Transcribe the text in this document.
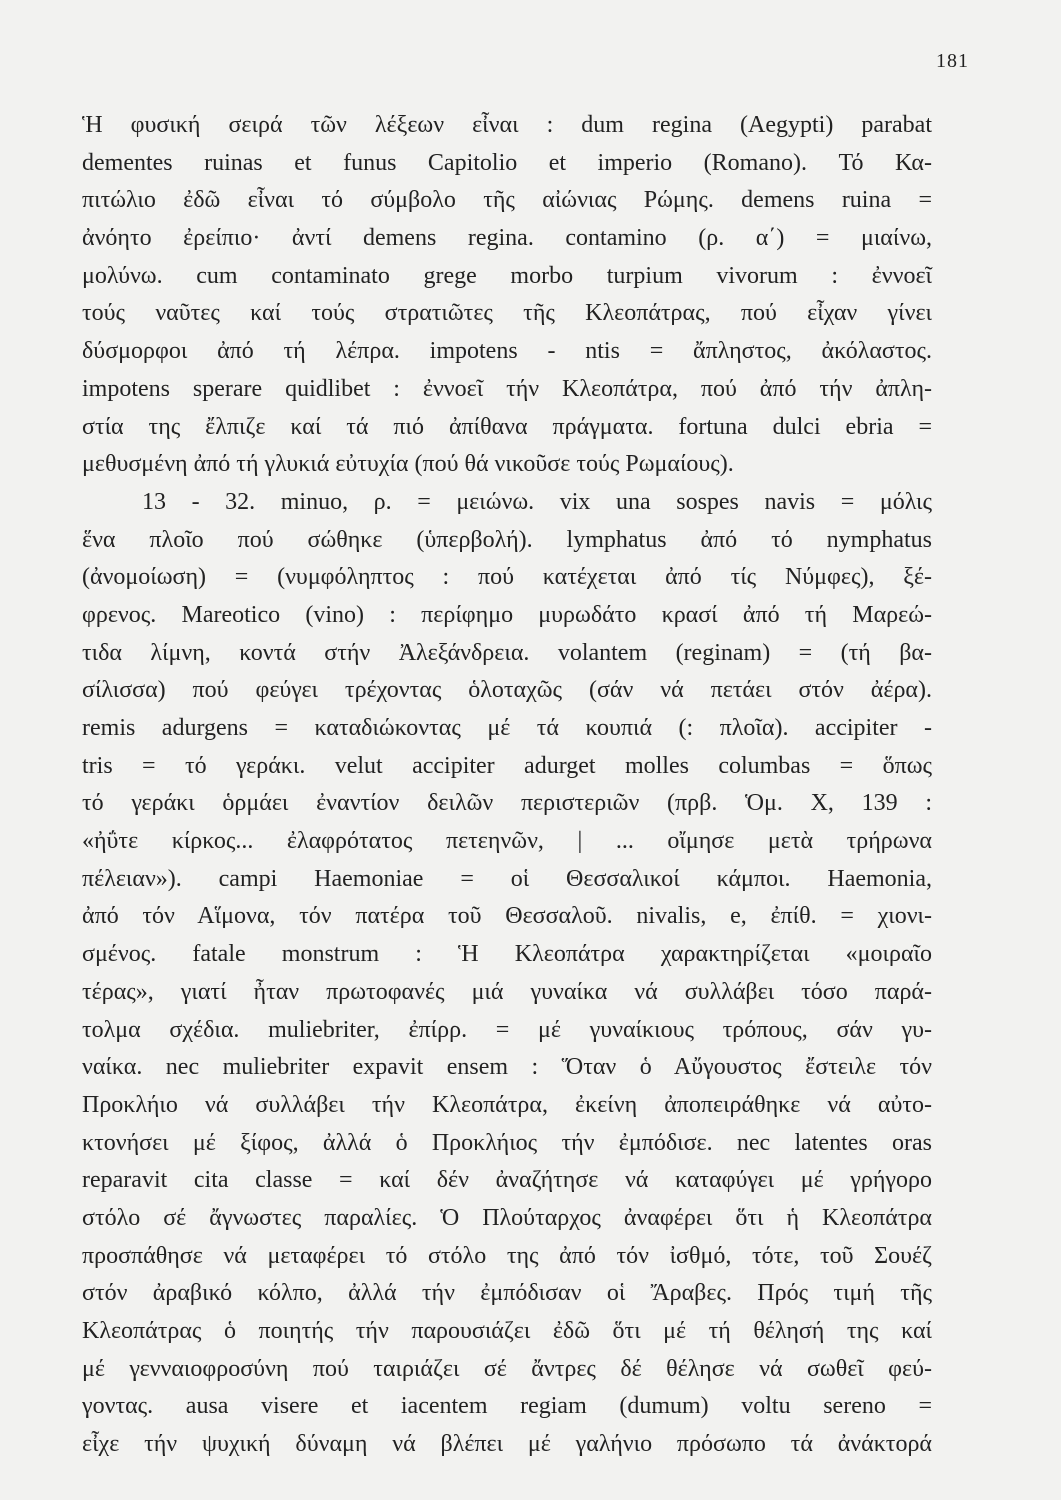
181
Ἡ φυσική σειρά τῶν λέξεων εἶναι : dum regina (Aegypti) parabat
dementes ruinas et funus Capitolio et imperio (Romano). Τό Κα-
πιτώλιο ἐδῶ εἶναι τό σύμβολο τῆς αἰώνιας Ρώμης. demens ruina =
ἀνόητο ἐρείπιο· ἀντί demens regina. contamino (ρ. α΄) = μιαίνω,
μολύνω. cum contaminato grege morbo turpium vivorum : ἐννοεῖ
τούς ναῦτες καί τούς στρατιῶτες τῆς Κλεοπάτρας, πού εἶχαν γίνει
δύσμορφοι ἀπό τή λέπρα. impotens - ntis = ἄπληστος, ἀκόλαστος.
impotens sperare quidlibet : ἐννοεῖ τήν Κλεοπάτρα, πού ἀπό τήν ἀπλη-
στία της ἔλπιζε καί τά πιό ἀπίθανα πράγματα. fortuna dulci ebria =
μεθυσμένη ἀπό τή γλυκιά εὐτυχία (πού θά νικοῦσε τούς Ρωμαίους).
13 - 32. minuo, ρ. = μειώνω. vix una sospes navis = μόλις
ἕνα πλοῖο πού σώθηκε (ὑπερβολή). lymphatus ἀπό τό nymphatus
(ἀνομοίωση) = (νυμφόληπτος : πού κατέχεται ἀπό τίς Νύμφες), ξέ-
φρενος. Mareotico (vino) : περίφημο μυρωδάτο κρασί ἀπό τή Μαρεώ-
τιδα λίμνη, κοντά στήν Ἀλεξάνδρεια. volantem (reginam) = (τή βα-
σίλισσα) πού φεύγει τρέχοντας ὁλοταχῶς (σάν νά πετάει στόν ἀέρα).
remis adurgens = καταδιώκοντας μέ τά κουπιά (: πλοῖα). accipiter -
tris = τό γεράκι. velut accipiter adurget molles columbas = ὅπως
τό γεράκι ὁρμάει ἐναντίον δειλῶν περιστεριῶν (πρβ. Ὁμ. Χ, 139 :
«ἠΰτε κίρκος... ἐλαφρότατος πετεηνῶν, | ... οἴμησε μετὰ τρήρωνα
πέλειαν»). campi Haemoniae = οἱ Θεσσαλικοί κάμποι. Haemonia,
ἀπό τόν Αἵμονα, τόν πατέρα τοῦ Θεσσαλοῦ. nivalis, e, ἐπίθ. = χιονι-
σμένος. fatale monstrum : Ἡ Κλεοπάτρα χαρακτηρίζεται «μοιραῖο
τέρας», γιατί ἦταν πρωτοφανές μιά γυναίκα νά συλλάβει τόσο παρά-
τολμα σχέδια. muliebriter, ἐπίρρ. = μέ γυναίκιους τρόπους, σάν γυ-
ναίκα. nec muliebriter expavit ensem : Ὅταν ὁ Αὔγουστος ἔστειλε τόν
Προκλήιο νά συλλάβει τήν Κλεοπάτρα, ἐκείνη ἀποπειράθηκε νά αὐτο-
κτονήσει μέ ξίφος, ἀλλά ὁ Προκλήιος τήν ἐμπόδισε. nec latentes oras
reparavit cita classe = καί δέν ἀναζήτησε νά καταφύγει μέ γρήγορο
στόλο σέ ἄγνωστες παραλίες. Ὁ Πλούταρχος ἀναφέρει ὅτι ἡ Κλεοπάτρα
προσπάθησε νά μεταφέρει τό στόλο της ἀπό τόν ἰσθμό, τότε, τοῦ Σουέζ
στόν ἀραβικό κόλπο, ἀλλά τήν ἐμπόδισαν οἱ Ἄραβες. Πρός τιμή τῆς
Κλεοπάτρας ὁ ποιητής τήν παρουσιάζει ἐδῶ ὅτι μέ τή θέλησή της καί
μέ γενναιοφροσύνη πού ταιριάζει σέ ἄντρες δέ θέλησε νά σωθεῖ φεύ-
γοντας. ausa visere et iacentem regiam (dumum) voltu sereno =
εἶχε τήν ψυχική δύναμη νά βλέπει μέ γαλήνιο πρόσωπο τά ἀνάκτορά
